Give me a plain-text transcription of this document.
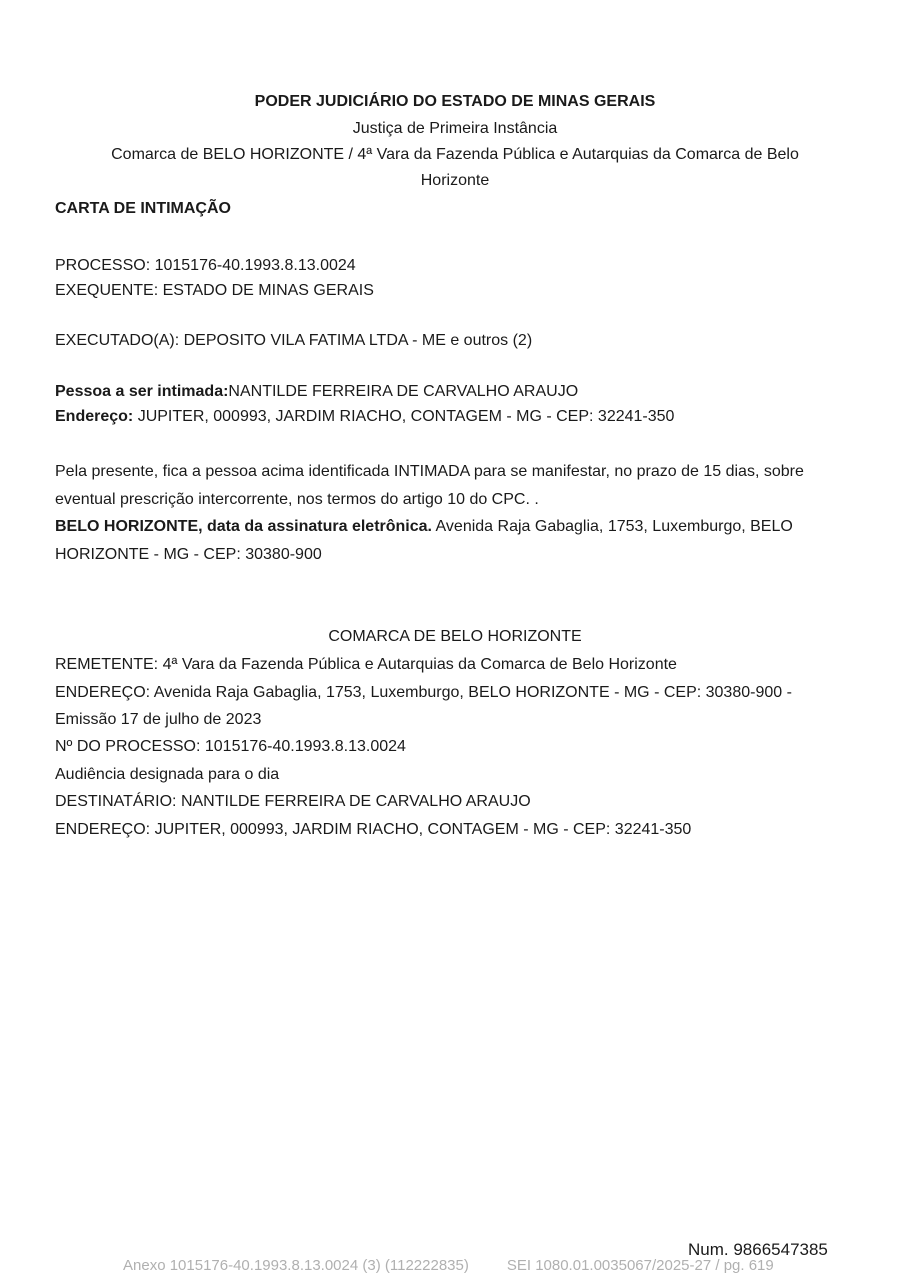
PODER JUDICIÁRIO DO ESTADO DE MINAS GERAIS
Justiça de Primeira Instância
Comarca de BELO HORIZONTE / 4ª Vara da Fazenda Pública e Autarquias da Comarca de Belo
Horizonte
CARTA DE INTIMAÇÃO
PROCESSO: 1015176-40.1993.8.13.0024
EXEQUENTE: ESTADO DE MINAS GERAIS
EXECUTADO(A): DEPOSITO VILA FATIMA LTDA - ME e outros (2)
Pessoa a ser intimada:NANTILDE FERREIRA DE CARVALHO ARAUJO
Endereço: JUPITER, 000993, JARDIM RIACHO, CONTAGEM - MG - CEP: 32241-350
Pela presente, fica a pessoa acima identificada INTIMADA para se manifestar, no prazo de 15 dias, sobre
eventual prescrição intercorrente, nos termos do artigo 10 do CPC. .
BELO HORIZONTE, data da assinatura eletrônica. Avenida Raja Gabaglia, 1753, Luxemburgo, BELO
HORIZONTE - MG - CEP: 30380-900
COMARCA DE BELO HORIZONTE
REMETENTE: 4ª Vara da Fazenda Pública e Autarquias da Comarca de Belo Horizonte
ENDEREÇO: Avenida Raja Gabaglia, 1753, Luxemburgo, BELO HORIZONTE - MG - CEP: 30380-900 -
Emissão 17 de julho de 2023
Nº DO PROCESSO: 1015176-40.1993.8.13.0024
Audiência designada para o dia
DESTINATÁRIO: NANTILDE FERREIRA DE CARVALHO ARAUJO
ENDEREÇO: JUPITER, 000993, JARDIM RIACHO, CONTAGEM - MG - CEP: 32241-350
Num. 9866547385
Anexo 1015176-40.1993.8.13.0024 (3) (112222835)	SEI 1080.01.0035067/2025-27 / pg. 619
